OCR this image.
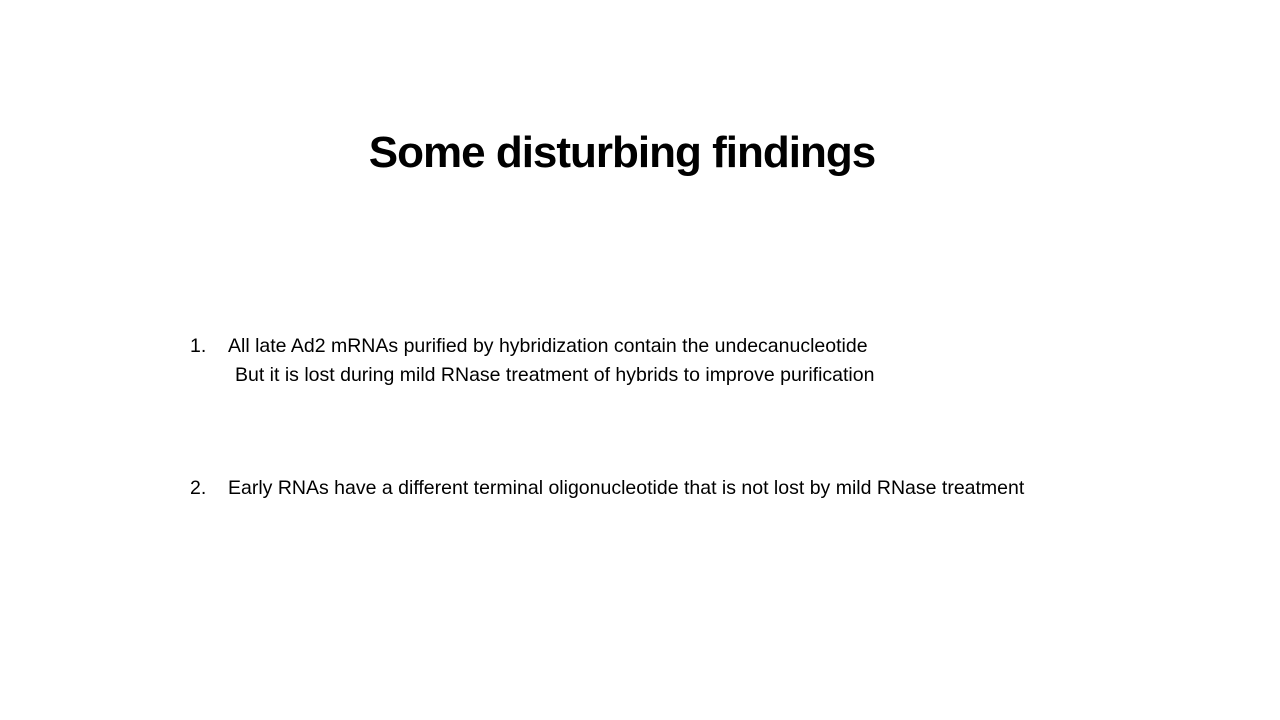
Some disturbing findings
1.	All late Ad2 mRNAs purified by hybridization contain the undecanucleotide
But it is lost during mild RNase treatment of hybrids to improve purification
2.	Early RNAs have a different terminal oligonucleotide that is not lost by mild RNase treatment
